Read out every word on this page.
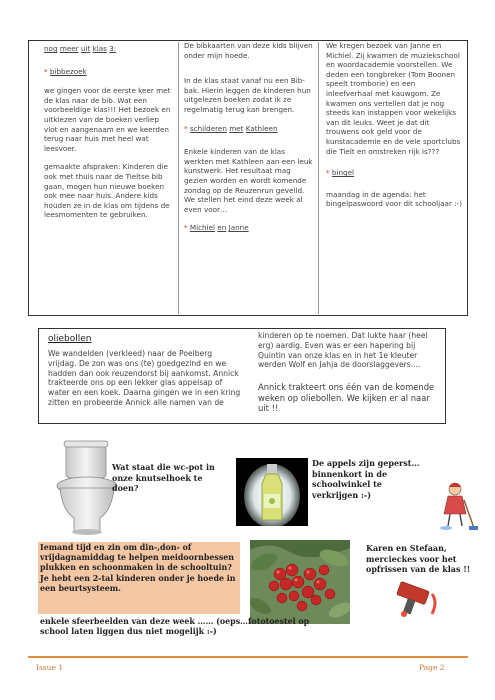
nog meer uit klas 3:

* bibbezoek

we gingen voor de eerste keer met de klas naar de bib. Wat een voorbeeldige klas!!! Het bezoek en uitkiezen van de boeken verliep vlot en aangenaam en we keerden terug naar huis met heel wat leesvoer.

gemaakte afspraken: Kinderen die ook met thuis naar de Tieltse bib gaan, mogen hun nieuwe boeken ook mee naar huis. Andere kids houden ze in de klas om tijdens de leesmomenten te gebruiken.

De bibkaarten van deze kids blijven onder mijn hoede.

In de klas staat vanaf nu een Bib-bak. Hierin leggen de kinderen hun uitgelezen boeken zodat ik ze regelmatig terug kan brengen.

* schilderen met Kathleen

Enkele kinderen van de klas werkten met Kathleen aan een leuk kunstwerk. Het resultaat mag gezien worden en wordt komende zondag op de Reuzenrun geveild. We stellen het eind deze week al even voor…

* Michiel en Janne

We kregen bezoek van Janne en Michiel. Zij kwamen de muziekschool en woordacademie voorstellen. We deden een tongbreker (Tom Boonen speelt tromborie) en een inleefverhaal met kauwgom. Ze kwamen ons vertellen dat je nog steeds kan instappen voor wekelijks van dit leuks. Weet je dat dit trouwens ook geld voor de kunstacademie en de vele sportclubs die Tielt en omstreken rijk is???

* bingel

maandag in de agenda: het bingelpaswoord voor dit schooljaar :-)

oliebollen
We wandelden (verkleed) naar de Poelberg vrijdag. De zon was ons (te) goedgezind en we hadden dan ook reuzendorst bij aankomst. Annick trakteerde ons op een lekker glas appelsap of water en een koek. Daarna gingen we in een kring zitten en probeerde Annick alle namen van de
kinderen op te noemen. Dat lukte haar (heel erg) aardig. Even was er een hapering bij Quintin van onze klas en in het 1e kleuter werden Wolf en Jahja de doorslaggevers....
Annick trakteert ons één van de komende weken op oliebollen. We kijken er al naar uit !!
Wat staat die wc-pot in onze knutselhoek te doen?
De appels zijn geperst… binnenkort in de schoolwinkel te verkrijgen :-)
Iemand tijd en zin om din-,don- of vrijdagnamiddag te helpen meidoornbessen plukken en schoonmaken in de schooltuin? Je hebt een 2-tal kinderen onder je hoede in een beurtsysteem.
Karen en Stefaan, mercieckes voor het opfrissen van de klas !!
enkele sfeerbeelden van deze week …… (oeps…fototoestel op school laten liggen dus niet mogelijk :-)
Issue 1	Page 2
